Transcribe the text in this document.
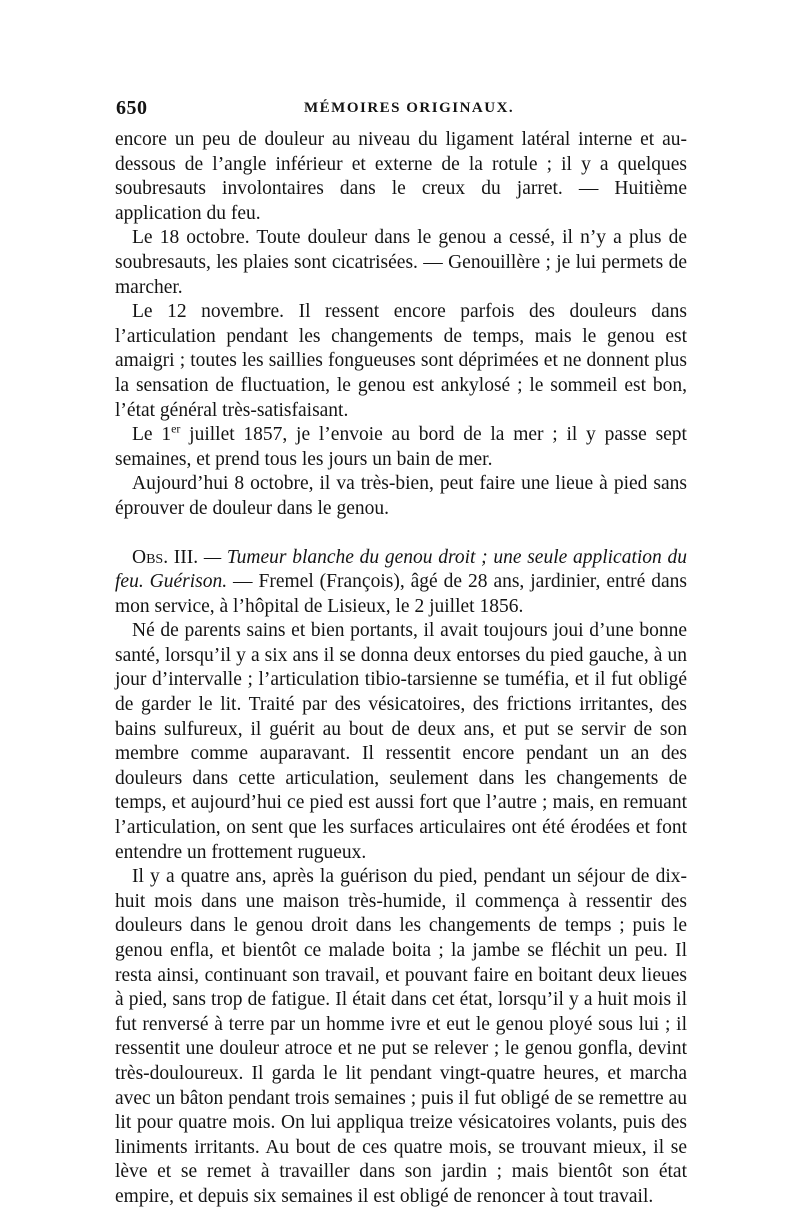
650	MÉMOIRES ORIGINAUX.

encore un peu de douleur au niveau du ligament latéral interne et au-dessous de l’angle inférieur et externe de la rotule ; il y a quelques soubresauts involontaires dans le creux du jarret. — Huitième application du feu.

Le 18 octobre. Toute douleur dans le genou a cessé, il n’y a plus de soubresauts, les plaies sont cicatrisées. — Genouillère ; je lui permets de marcher.

Le 12 novembre. Il ressent encore parfois des douleurs dans l’articulation pendant les changements de temps, mais le genou est amaigri ; toutes les saillies fongueuses sont déprimées et ne donnent plus la sensation de fluctuation, le genou est ankylosé ; le sommeil est bon, l’état général très-satisfaisant.

Le 1er juillet 1857, je l’envoie au bord de la mer ; il y passe sept semaines, et prend tous les jours un bain de mer.

Aujourd’hui 8 octobre, il va très-bien, peut faire une lieue à pied sans éprouver de douleur dans le genou.

Obs. III. — Tumeur blanche du genou droit ; une seule application du feu. Guérison. — Fremel (François), âgé de 28 ans, jardinier, entré dans mon service, à l’hôpital de Lisieux, le 2 juillet 1856.

Né de parents sains et bien portants, il avait toujours joui d’une bonne santé, lorsqu’il y a six ans il se donna deux entorses du pied gauche, à un jour d’intervalle ; l’articulation tibio-tarsienne se tuméfia, et il fut obligé de garder le lit. Traité par des vésicatoires, des frictions irritantes, des bains sulfureux, il guérit au bout de deux ans, et put se servir de son membre comme auparavant. Il ressentit encore pendant un an des douleurs dans cette articulation, seulement dans les changements de temps, et aujourd’hui ce pied est aussi fort que l’autre ; mais, en remuant l’articulation, on sent que les surfaces articulaires ont été érodées et font entendre un frottement rugueux.

Il y a quatre ans, après la guérison du pied, pendant un séjour de dix-huit mois dans une maison très-humide, il commença à ressentir des douleurs dans le genou droit dans les changements de temps ; puis le genou enfla, et bientôt ce malade boita ; la jambe se fléchit un peu. Il resta ainsi, continuant son travail, et pouvant faire en boitant deux lieues à pied, sans trop de fatigue. Il était dans cet état, lorsqu’il y a huit mois il fut renversé à terre par un homme ivre et eut le genou ployé sous lui ; il ressentit une douleur atroce et ne put se relever ; le genou gonfla, devint très-douloureux. Il garda le lit pendant vingt-quatre heures, et marcha avec un bâton pendant trois semaines ; puis il fut obligé de se remettre au lit pour quatre mois. On lui appliqua treize vésicatoires volants, puis des liniments irritants. Au bout de ces quatre mois, se trouvant mieux, il se lève et se remet à travailler dans son jardin ; mais bientôt son état empire, et depuis six semaines il est obligé de renoncer à tout travail.
